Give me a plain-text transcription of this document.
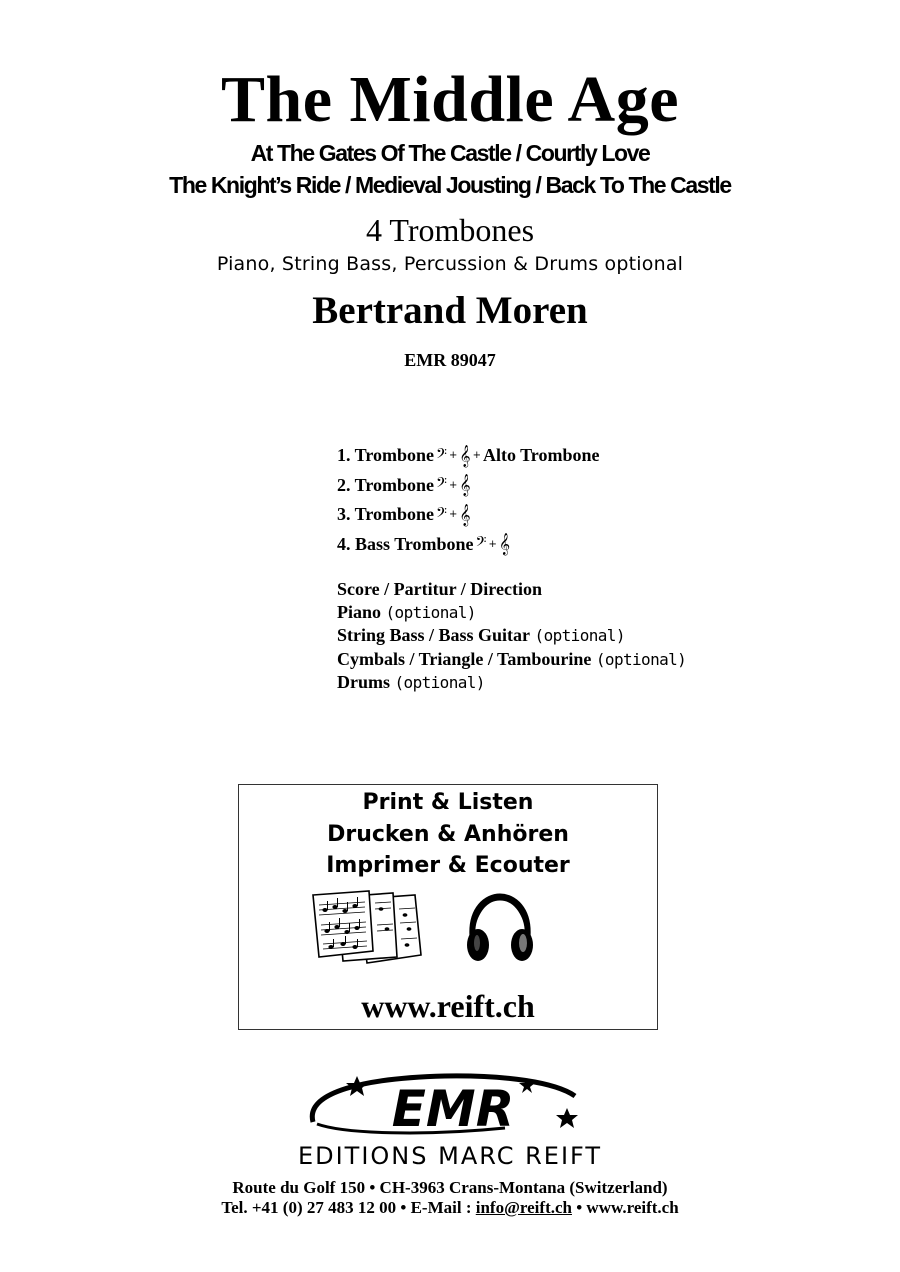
The Middle Age
At The Gates Of The Castle / Courtly Love
The Knight’s Ride / Medieval Jousting / Back To The Castle
4 Trombones
Piano, String Bass, Percussion & Drums optional
Bertrand Moren
EMR 89047
1. Trombone 𝄢 + 𝄞 + Alto Trombone
2. Trombone 𝄢 + 𝄞
3. Trombone 𝄢 + 𝄞
4. Bass Trombone 𝄢 + 𝄞
Score / Partitur / Direction
Piano (optional)
String Bass / Bass Guitar (optional)
Cymbals / Triangle / Tambourine (optional)
Drums (optional)
Print & Listen
Drucken & Anhören
Imprimer & Ecouter
www.reift.ch
EMR
EDITIONS MARC REIFT
Route du Golf 150 • CH-3963 Crans-Montana (Switzerland)
Tel. +41 (0) 27 483 12 00 • E-Mail : info@reift.ch • www.reift.ch
